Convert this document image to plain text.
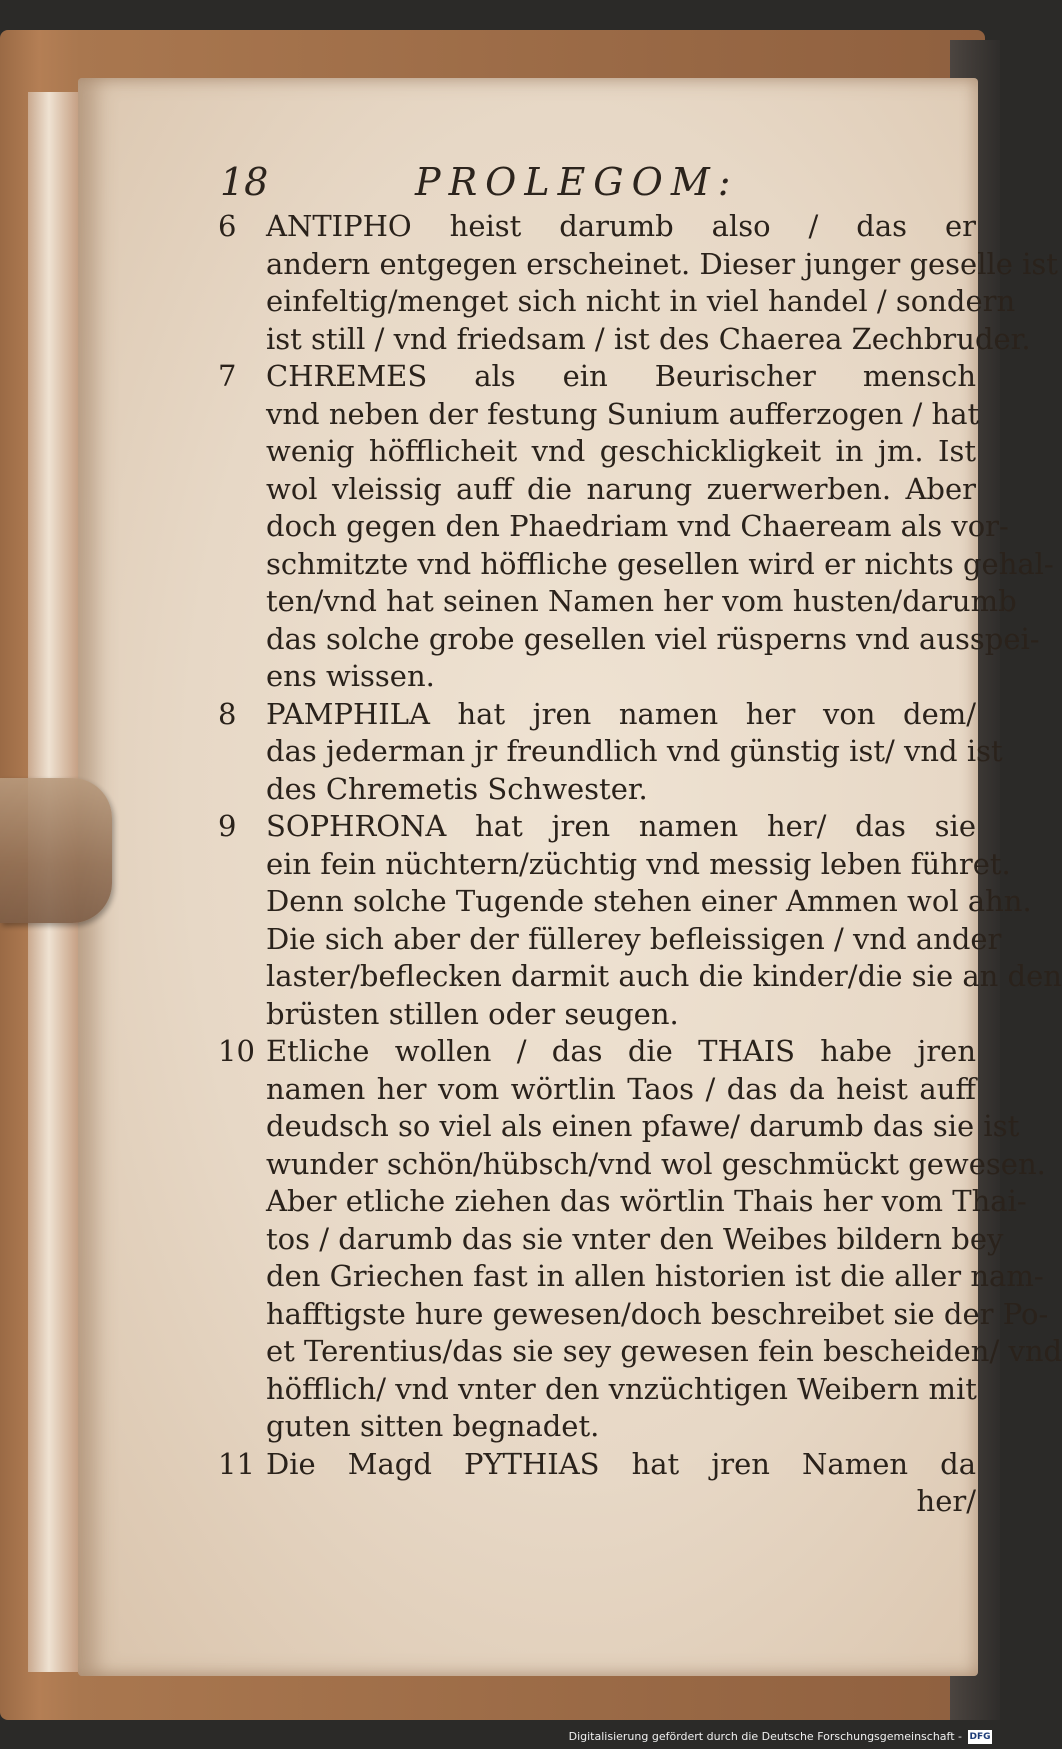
18	PROLEGOM:
6 ANTIPHO heist darumb also / das er
andern entgegen erscheinet. Dieser junger geselle ist
einfeltig/menget sich nicht in viel handel / sondern
ist still / vnd friedsam / ist des Chaerea Zechbruder.
7 CHREMES als ein Beurischer mensch
vnd neben der festung Sunium aufferzogen / hat
wenig höfflicheit vnd geschickligkeit in jm. Ist
wol vleissig auff die narung zuerwerben. Aber
doch gegen den Phaedriam vnd Chaeream als vor-
schmitzte vnd höffliche gesellen wird er nichts gehal-
ten/vnd hat seinen Namen her vom husten/darumb
das solche grobe gesellen viel rüsperns vnd ausspei-
ens wissen.
8 PAMPHILA hat jren namen her von dem/
das jederman jr freundlich vnd günstig ist/ vnd ist
des Chremetis Schwester.
9 SOPHRONA hat jren namen her/ das sie
ein fein nüchtern/züchtig vnd messig leben führet.
Denn solche Tugende stehen einer Ammen wol ahn.
Die sich aber der füllerey befleissigen / vnd ander
laster/beflecken darmit auch die kinder/die sie an den
brüsten stillen oder seugen.
10 Etliche wollen / das die THAIS habe jren
namen her vom wörtlin Taos / das da heist auff
deudsch so viel als einen pfawe/ darumb das sie ist
wunder schön/hübsch/vnd wol geschmückt gewesen.
Aber etliche ziehen das wörtlin Thais her vom Thai-
tos / darumb das sie vnter den Weibes bildern bey
den Griechen fast in allen historien ist die aller nam-
hafftigste hure gewesen/doch beschreibet sie der Po-
et Terentius/das sie sey gewesen fein bescheiden/ vnd
höfflich/ vnd vnter den vnzüchtigen Weibern mit
guten sitten begnadet.
11 Die Magd PYTHIAS hat jren Namen da
her/
Digitalisierung gefördert durch die Deutsche Forschungsgemeinschaft - DFG
